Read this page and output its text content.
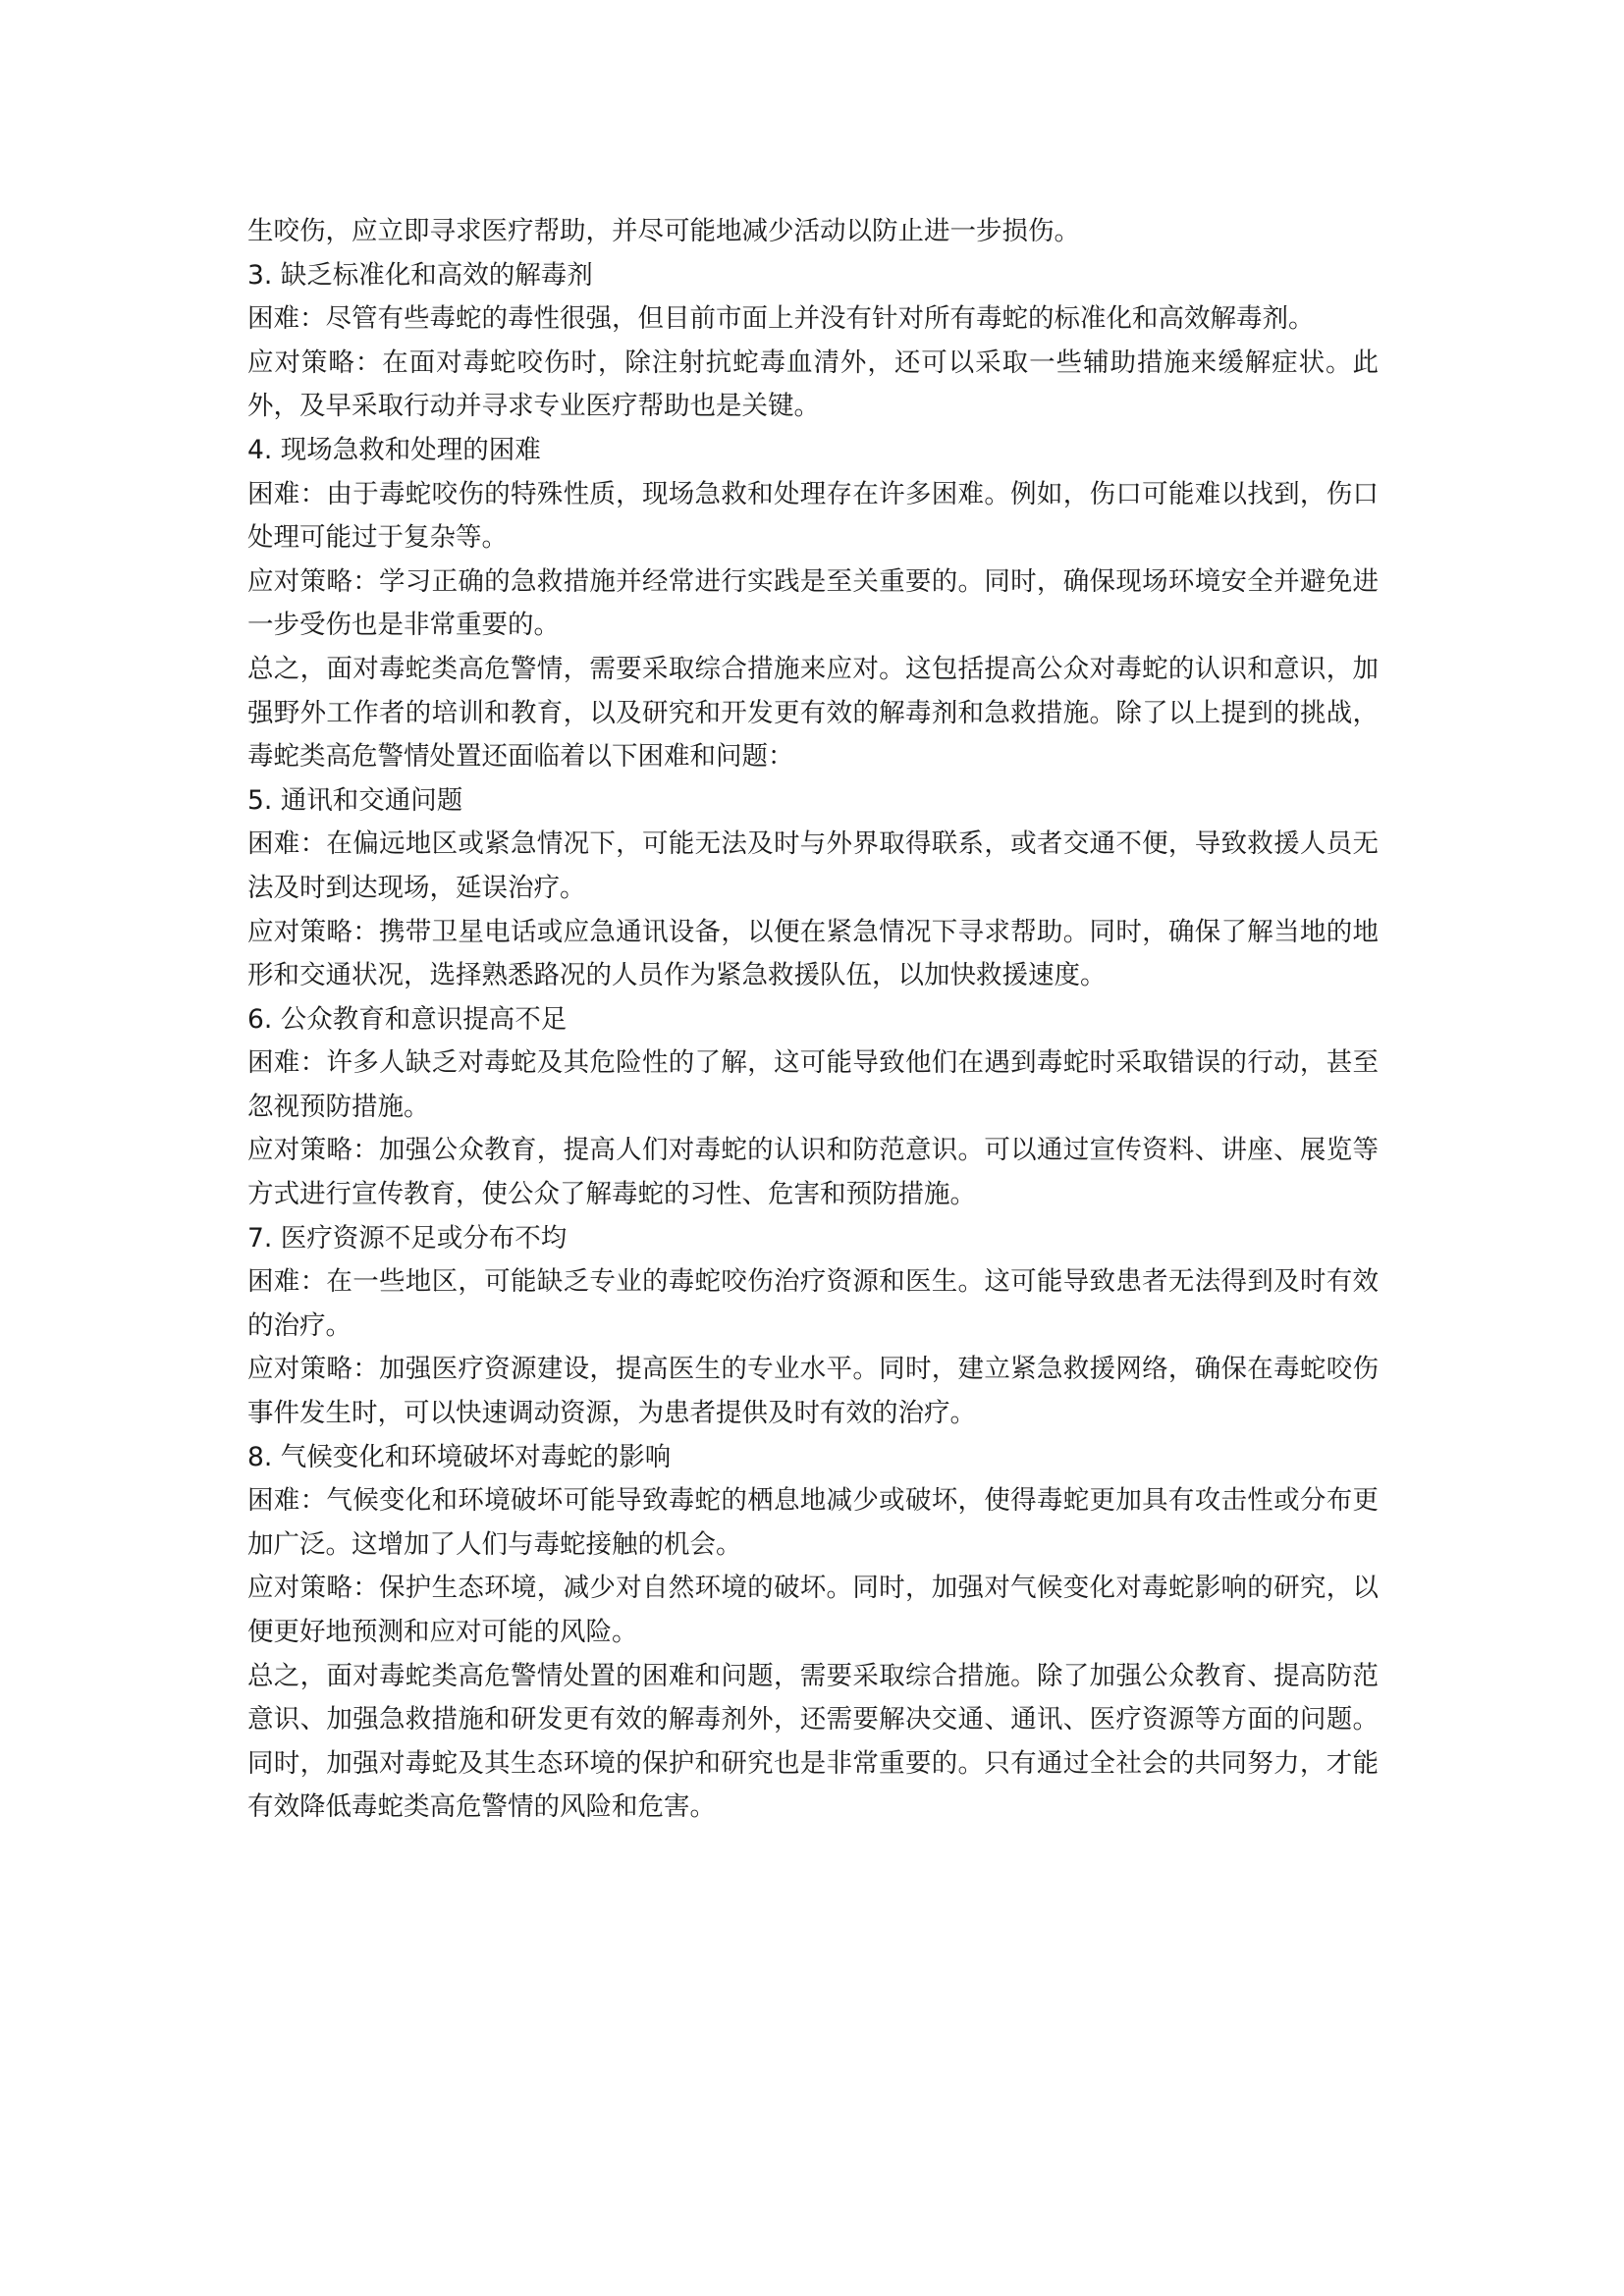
生咬伤，应立即寻求医疗帮助，并尽可能地减少活动以防止进一步损伤。

3. 缺乏标准化和高效的解毒剂

困难：尽管有些毒蛇的毒性很强，但目前市面上并没有针对所有毒蛇的标准化和高效解毒剂。

应对策略：在面对毒蛇咬伤时，除注射抗蛇毒血清外，还可以采取一些辅助措施来缓解症状。此外，及早采取行动并寻求专业医疗帮助也是关键。

4. 现场急救和处理的困难

困难：由于毒蛇咬伤的特殊性质，现场急救和处理存在许多困难。例如，伤口可能难以找到，伤口处理可能过于复杂等。

应对策略：学习正确的急救措施并经常进行实践是至关重要的。同时，确保现场环境安全并避免进一步受伤也是非常重要的。

总之，面对毒蛇类高危警情，需要采取综合措施来应对。这包括提高公众对毒蛇的认识和意识，加强野外工作者的培训和教育，以及研究和开发更有效的解毒剂和急救措施。除了以上提到的挑战，毒蛇类高危警情处置还面临着以下困难和问题：

5. 通讯和交通问题

困难：在偏远地区或紧急情况下，可能无法及时与外界取得联系，或者交通不便，导致救援人员无法及时到达现场，延误治疗。

应对策略：携带卫星电话或应急通讯设备，以便在紧急情况下寻求帮助。同时，确保了解当地的地形和交通状况，选择熟悉路况的人员作为紧急救援队伍，以加快救援速度。

6. 公众教育和意识提高不足

困难：许多人缺乏对毒蛇及其危险性的了解，这可能导致他们在遇到毒蛇时采取错误的行动，甚至忽视预防措施。

应对策略：加强公众教育，提高人们对毒蛇的认识和防范意识。可以通过宣传资料、讲座、展览等方式进行宣传教育，使公众了解毒蛇的习性、危害和预防措施。

7. 医疗资源不足或分布不均

困难：在一些地区，可能缺乏专业的毒蛇咬伤治疗资源和医生。这可能导致患者无法得到及时有效的治疗。

应对策略：加强医疗资源建设，提高医生的专业水平。同时，建立紧急救援网络，确保在毒蛇咬伤事件发生时，可以快速调动资源，为患者提供及时有效的治疗。

8. 气候变化和环境破坏对毒蛇的影响

困难：气候变化和环境破坏可能导致毒蛇的栖息地减少或破坏，使得毒蛇更加具有攻击性或分布更加广泛。这增加了人们与毒蛇接触的机会。

应对策略：保护生态环境，减少对自然环境的破坏。同时，加强对气候变化对毒蛇影响的研究，以便更好地预测和应对可能的风险。

总之，面对毒蛇类高危警情处置的困难和问题，需要采取综合措施。除了加强公众教育、提高防范意识、加强急救措施和研发更有效的解毒剂外，还需要解决交通、通讯、医疗资源等方面的问题。同时，加强对毒蛇及其生态环境的保护和研究也是非常重要的。只有通过全社会的共同努力，才能有效降低毒蛇类高危警情的风险和危害。
